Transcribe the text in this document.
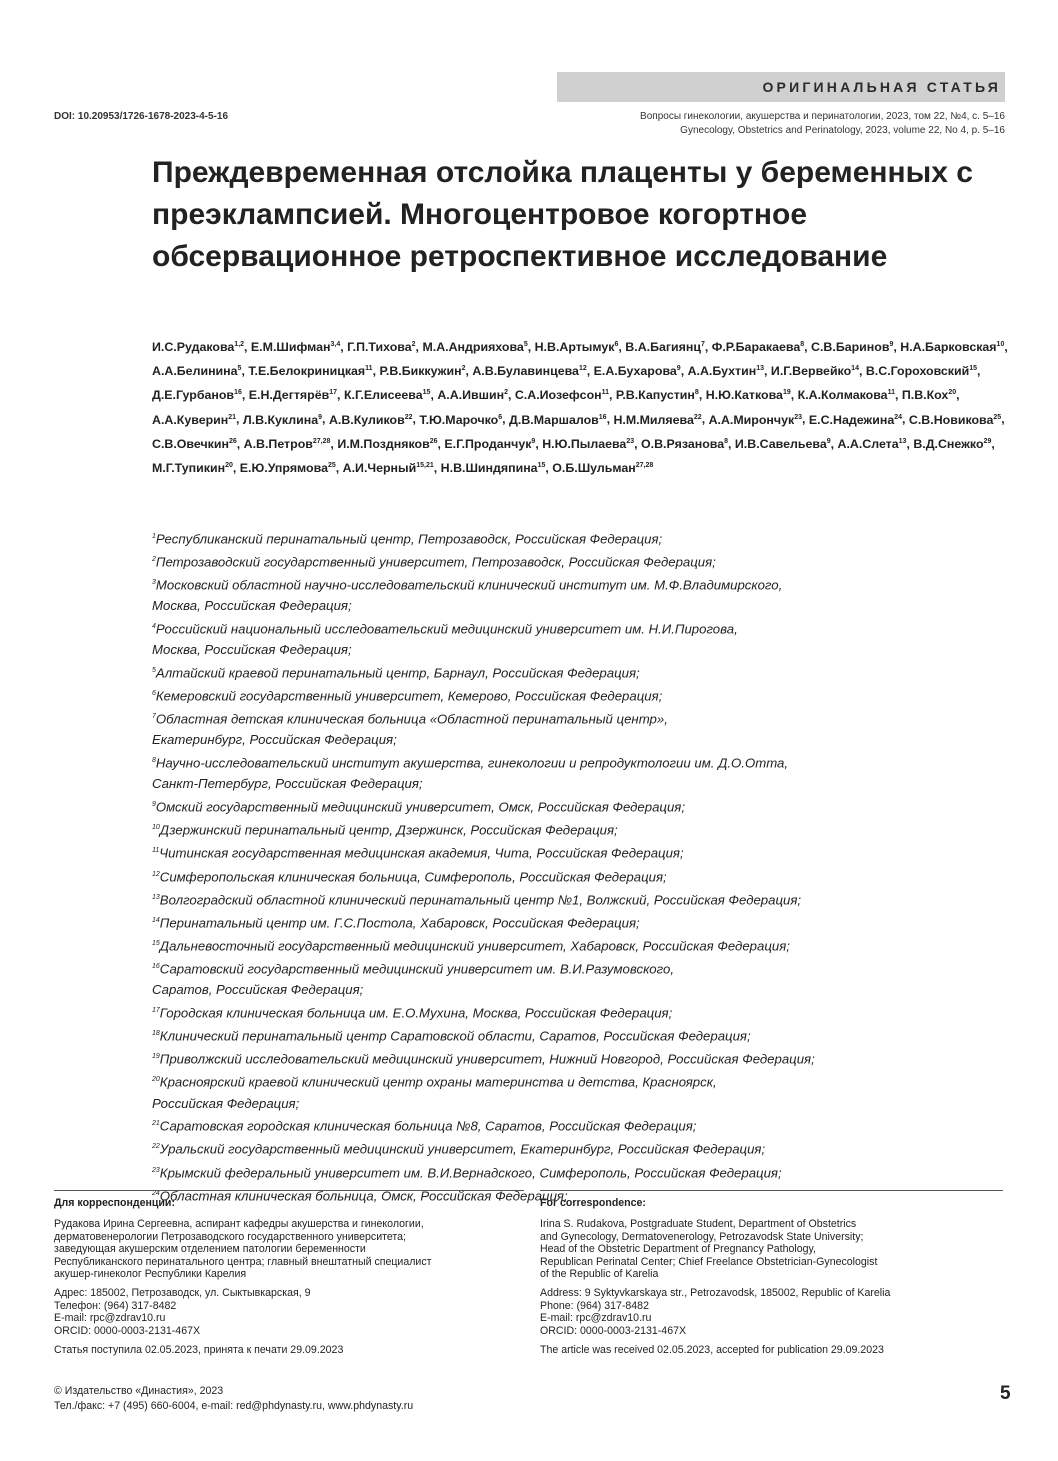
ОРИГИНАЛЬНАЯ СТАТЬЯ
DOI: 10.20953/1726-1678-2023-4-5-16	Вопросы гинекологии, акушерства и перинатологии, 2023, том 22, №4, с. 5–16
Gynecology, Obstetrics and Perinatology, 2023, volume 22, No 4, p. 5–16
Преждевременная отслойка плаценты у беременных с преэклампсией. Многоцентровое когортное обсервационное ретроспективное исследование
И.С.Рудакова$^{1,2}$, Е.М.Шифман$^{3,4}$, Г.П.Тихова$^2$, М.А.Андрияхова$^5$, Н.В.Артымук$^6$, В.А.Багиянц$^7$, Ф.Р.Баракаева$^8$, С.В.Баринов$^9$, Н.А.Барковская$^{10}$, А.А.Белинина$^5$, Т.Е.Белокриницкая$^{11}$, Р.В.Биккужин$^2$, А.В.Булавинцева$^{12}$, Е.А.Бухарова$^9$, А.А.Бухтин$^{13}$, И.Г.Вервейко$^{14}$, В.С.Гороховский$^{15}$, Д.Е.Гурбанов$^{16}$, Е.Н.Дегтярёв$^{17}$, К.Г.Елисеева$^{15}$, А.А.Ившин$^2$, С.А.Иозефсон$^{11}$, Р.В.Капустин$^8$, Н.Ю.Каткова$^{19}$, К.А.Колмакова$^{11}$, П.В.Кох$^{20}$, А.А.Куверин$^{21}$, Л.В.Куклина$^9$, А.В.Куликов$^{22}$, Т.Ю.Марочко$^6$, Д.В.Маршалов$^{16}$, Н.М.Миляева$^{22}$, А.А.Мирончук$^{23}$, Е.С.Надежина$^{24}$, С.В.Новикова$^{25}$, С.В.Овечкин$^{26}$, А.В.Петров$^{27,28}$, И.М.Поздняков$^{26}$, Е.Г.Проданчук$^9$, Н.Ю.Пылаева$^{23}$, О.В.Рязанова$^8$, И.В.Савельева$^9$, А.А.Слета$^{13}$, В.Д.Снежко$^{29}$, М.Г.Тупикин$^{20}$, Е.Ю.Упрямова$^{25}$, А.И.Черный$^{15,21}$, Н.В.Шиндяпина$^{15}$, О.Б.Шульман$^{27,28}$
$^1$Республиканский перинатальный центр, Петрозаводск, Российская Федерация;
$^2$Петрозаводский государственный университет, Петрозаводск, Российская Федерация;
$^3$Московский областной научно-исследовательский клинический институт им. М.Ф.Владимирского,
Москва, Российская Федерация;
$^4$Российский национальный исследовательский медицинский университет им. Н.И.Пирогова,
Москва, Российская Федерация;
$^5$Алтайский краевой перинатальный центр, Барнаул, Российская Федерация;
$^6$Кемеровский государственный университет, Кемерово, Российская Федерация;
$^7$Областная детская клиническая больница «Областной перинатальный центр»,
Екатеринбург, Российская Федерация;
$^8$Научно-исследовательский институт акушерства, гинекологии и репродуктологии им. Д.О.Отта,
Санкт-Петербург, Российская Федерация;
$^9$Омский государственный медицинский университет, Омск, Российская Федерация;
$^{10}$Дзержинский перинатальный центр, Дзержинск, Российская Федерация;
$^{11}$Читинская государственная медицинская академия, Чита, Российская Федерация;
$^{12}$Симферопольская клиническая больница, Симферополь, Российская Федерация;
$^{13}$Волгоградский областной клинический перинатальный центр №1, Волжский, Российская Федерация;
$^{14}$Перинатальный центр им. Г.С.Постола, Хабаровск, Российская Федерация;
$^{15}$Дальневосточный государственный медицинский университет, Хабаровск, Российская Федерация;
$^{16}$Саратовский государственный медицинский университет им. В.И.Разумовского,
Саратов, Российская Федерация;
$^{17}$Городская клиническая больница им. Е.О.Мухина, Москва, Российская Федерация;
$^{18}$Клинический перинатальный центр Саратовской области, Саратов, Российская Федерация;
$^{19}$Приволжский исследовательский медицинский университет, Нижний Новгород, Российская Федерация;
$^{20}$Красноярский краевой клинический центр охраны материнства и детства, Красноярск,
Российская Федерация;
$^{21}$Саратовская городская клиническая больница №8, Саратов, Российская Федерация;
$^{22}$Уральский государственный медицинский университет, Екатеринбург, Российская Федерация;
$^{23}$Крымский федеральный университет им. В.И.Вернадского, Симферополь, Российская Федерация;
$^{24}$Областная клиническая больница, Омск, Российская Федерация;
Для корреспонденции:
Рудакова Ирина Сергеевна, аспирант кафедры акушерства и гинекологии,
дерматовенерологии Петрозаводского государственного университета;
заведующая акушерским отделением патологии беременности
Республиканского перинатального центра; главный внештатный специалист
акушер-гинеколог Республики Карелия
Адрес: 185002, Петрозаводск, ул. Сыктывкарская, 9
Телефон: (964) 317-8482
E-mail: rpc@zdrav10.ru
ORCID: 0000-0003-2131-467X
Статья поступила 02.05.2023, принята к печати 29.09.2023
For correspondence:
Irina S. Rudakova, Postgraduate Student, Department of Obstetrics
and Gynecology, Dermatovenerology, Petrozavodsk State University;
Head of the Obstetric Department of Pregnancy Pathology,
Republican Perinatal Center; Chief Freelance Obstetrician-Gynecologist
of the Republic of Karelia
Address: 9 Syktyvkarskaya str., Petrozavodsk, 185002, Republic of Karelia
Phone: (964) 317-8482
E-mail: rpc@zdrav10.ru
ORCID: 0000-0003-2131-467X
The article was received 02.05.2023, accepted for publication 29.09.2023
© Издательство «Династия», 2023
Тел./факс: +7 (495) 660-6004, e-mail: red@phdynasty.ru, www.phdynasty.ru
5
